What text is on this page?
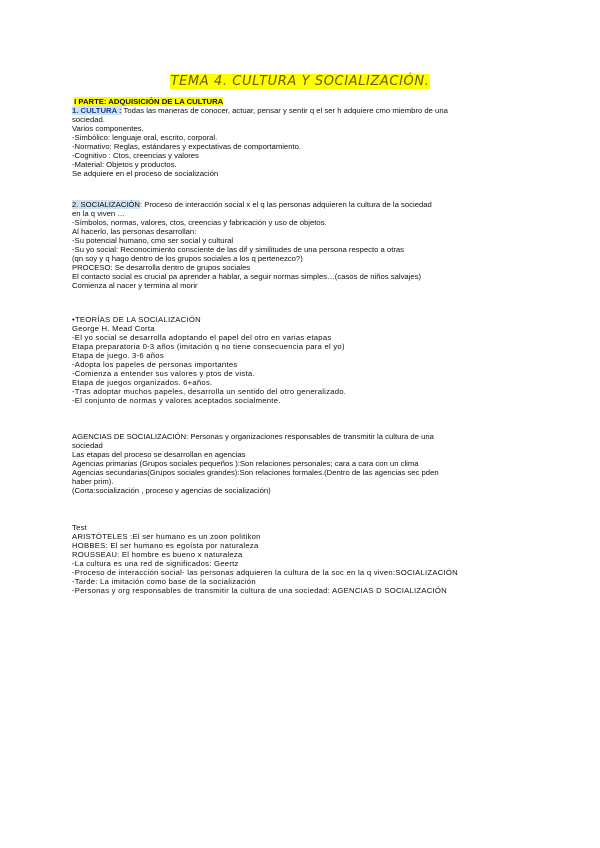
TEMA 4. CULTURA Y SOCIALIZACIÓN.
I PARTE: ADQUISICIÓN DE LA CULTURA
1. CULTURA : Todas las maneras de conocer, actuar, pensar y sentir q el ser h adquiere cmo miembro de una
sociedad.
Varios componentes.
-Simbólico: lenguaje oral, escrito, corporal.
-Normativo: Reglas, estándares y expectativas de comportamiento.
-Cognitivo : Ctos, creencias y valores
-Material: Objetos y productos.
Se adquiere en el proceso de socialización
2. SOCIALIZACIÓN: Proceso de interacción social x el q las personas adquieren la cultura de la sociedad
en la q viven …
-Símbolos, normas, valores, ctos, creencias y fabricación y uso de objetos.
Al hacerlo, las personas desarrollan:
-Su potencial humano, cmo ser social y cultural
-Su yo social: Reconocimiento consciente de las dif y similitudes de una persona respecto a otras
(qn soy y q hago dentro de los grupos sociales a los q pertenezco?)
PROCESO: Se desarrolla dentro de grupos sociales
El contacto social es crucial pa aprender a hablar, a seguir normas simples…(casos de niños salvajes)
Comienza al nacer y termina al morir
•TEORÍAS DE LA SOCIALIZACIÓN
George H. Mead Corta
-El yo social se desarrolla adoptando el papel del otro en varias etapas
Etapa preparatoria 0-3 años (imitación q no tiene consecuencia para el yo)
Etapa de juego. 3-6 años
-Adopta los papeles de personas importantes
-Comienza a entender sus valores y ptos de vista.
Etapa de juegos organizados. 6+años.
-Tras adoptar muchos papeles, desarrolla un sentido del otro generalizado.
-El conjunto de normas y valores aceptados socialmente.
AGENCIAS DE SOCIALIZACIÓN: Personas y organizaciones responsables de transmitir la cultura de una
sociedad
Las etapas del proceso se desarrollan en agencias
Agencias primarias (Grupos sociales pequeños ):Son relaciones personales; cara a cara con un clima
Agencias secundarias(Grupos sociales grandes):Son relaciones formales.(Dentro de las agencias sec pden
haber prim).
(Corta:socialización , proceso y agencias de socialización)
Test
ARISTÓTELES :El ser humano es un zoon politikon
HOBBES: El ser humano es egoísta por naturaleza
ROUSSEAU: El hombre es bueno x naturaleza
-La cultura es una red de significados: Geertz
-Proceso de interacción social- las personas adquieren la cultura de la soc en la q viven:SOCIALIZACIÓN
-Tarde: La imitación como base de la socialización
-Personas y org responsables de transmitir la cultura de una sociedad: AGENCIAS D SOCIALIZACIÓN
